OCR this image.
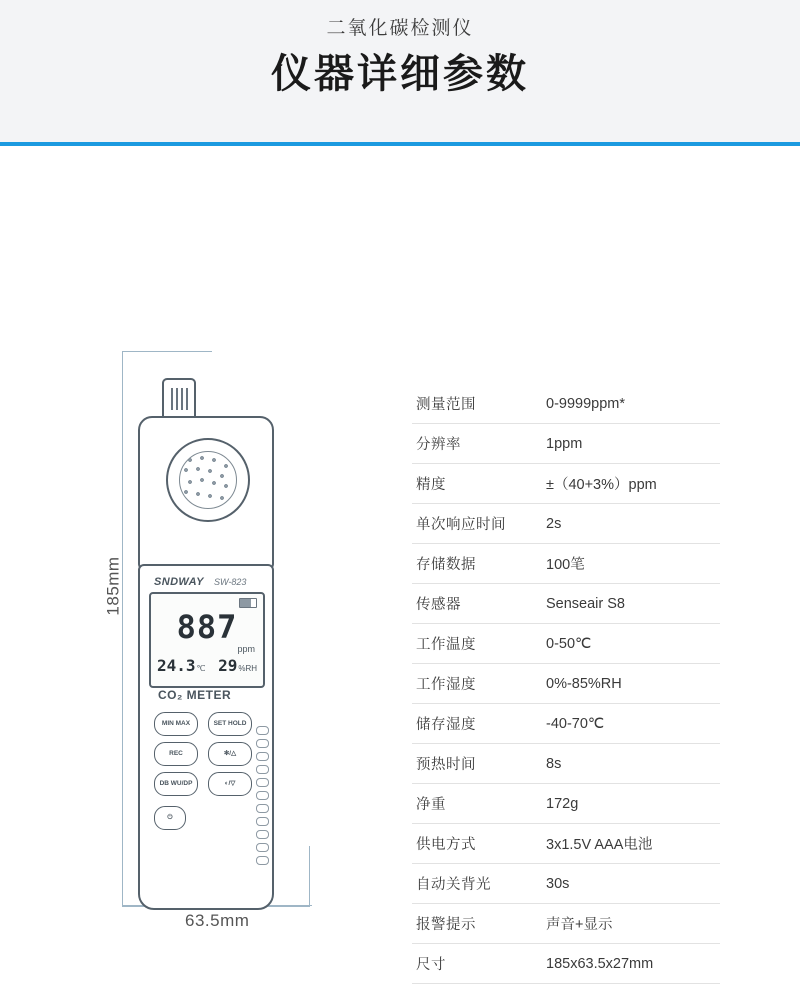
二氧化碳检测仪
仪器详细参数
185mm
63.5mm
SNDWAY SW-823
887
ppm
24.3℃ 29%RH
CO₂ METER
MIN MAX	SET HOLD
REC	✻/△
DB WU/DP	◐/▽
⏻
测量范围	0-9999ppm*
分辨率	1ppm
精度	±（40+3%）ppm
单次响应时间	2s
存储数据	100笔
传感器	Senseair S8
工作温度	0-50℃
工作湿度	0%-85%RH
储存湿度	-40-70℃
预热时间	8s
净重	172g
供电方式	3x1.5V AAA电池
自动关背光	30s
报警提示	声音+显示
尺寸	185x63.5x27mm
